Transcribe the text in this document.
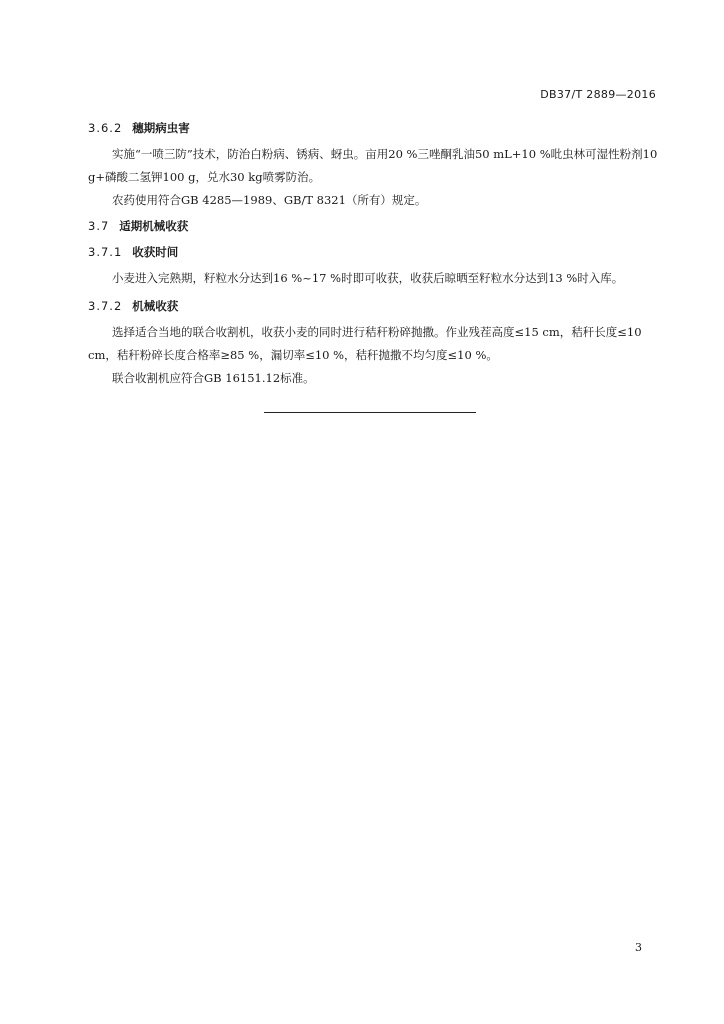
DB37/T 2889—2016
3.6.2 穗期病虫害

实施“一喷三防”技术，防治白粉病、锈病、蚜虫。亩用20 %三唑酮乳油50 mL+10 %吡虫林可湿性粉剂10 g+磷酸二氢钾100 g，兑水30 kg喷雾防治。

农药使用符合GB 4285—1989、GB/T 8321（所有）规定。

3.7 适期机械收获
3.7.1 收获时间

小麦进入完熟期，籽粒水分达到16 %~17 %时即可收获，收获后晾晒至籽粒水分达到13 %时入库。

3.7.2 机械收获

选择适合当地的联合收割机，收获小麦的同时进行秸秆粉碎抛撒。作业残茬高度≤15 cm，秸秆长度≤10 cm，秸秆粉碎长度合格率≥85 %，漏切率≤10 %，秸秆抛撒不均匀度≤10 %。

联合收割机应符合GB 16151.12标准。

3
